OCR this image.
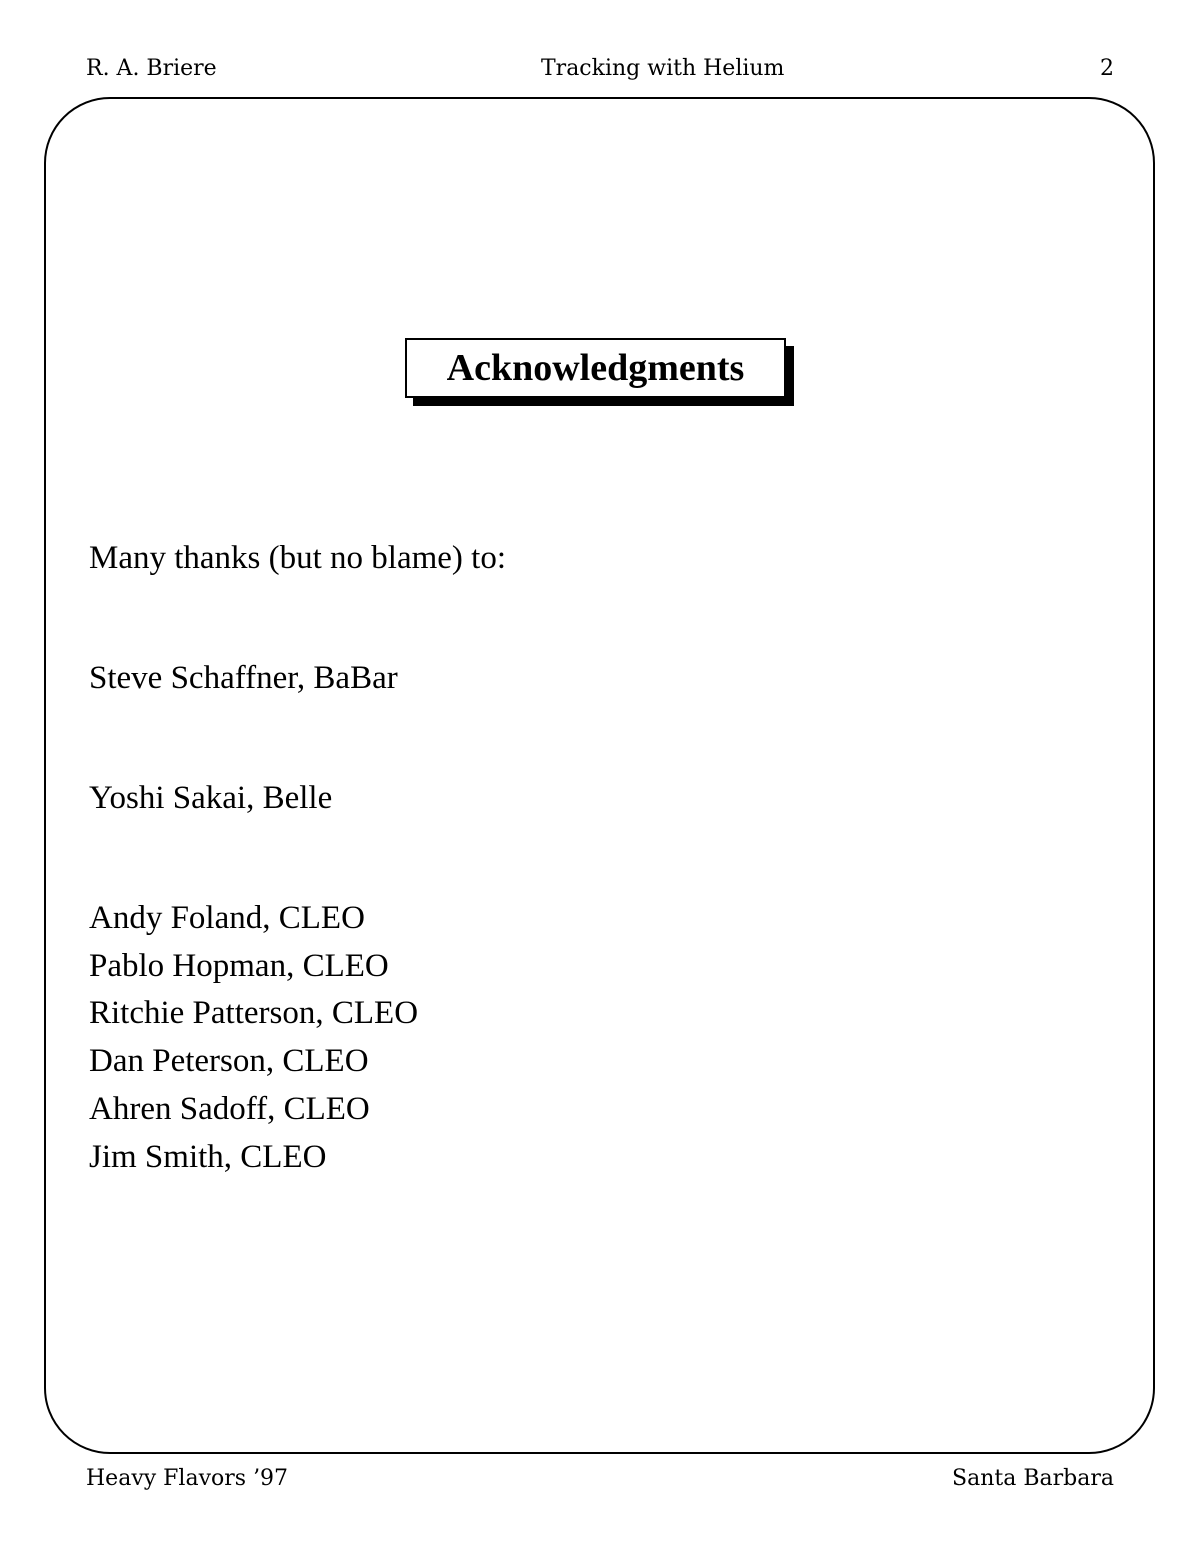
R. A. Briere	Tracking with Helium	2
Acknowledgments
Many thanks (but no blame) to:
Steve Schaffner, BaBar
Yoshi Sakai, Belle
Andy Foland, CLEO
Pablo Hopman, CLEO
Ritchie Patterson, CLEO
Dan Peterson, CLEO
Ahren Sadoff, CLEO
Jim Smith, CLEO
Heavy Flavors ’97	Santa Barbara
